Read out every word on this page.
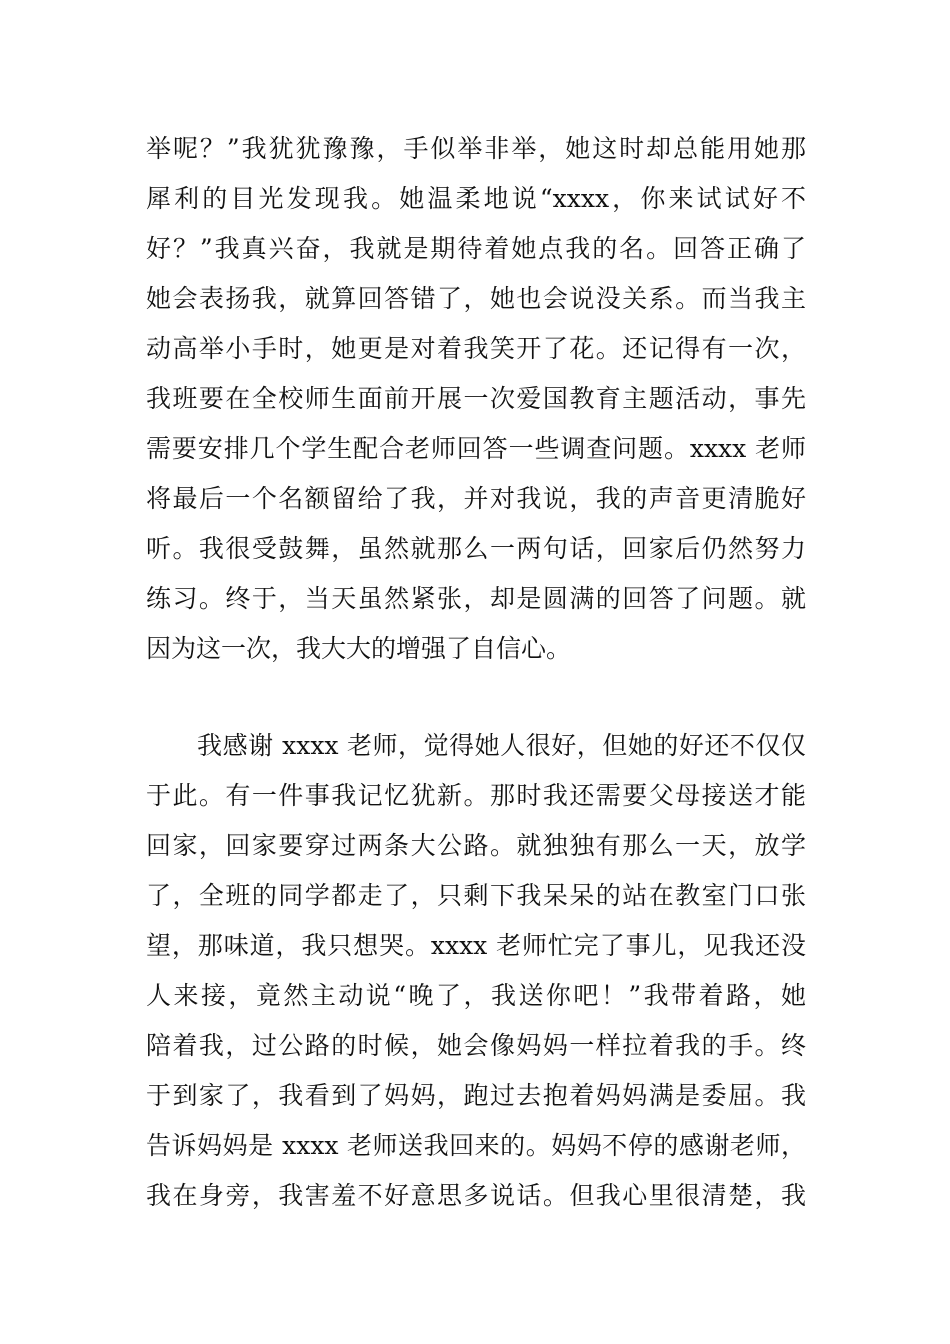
举呢？”我犹犹豫豫，手似举非举，她这时却总能用她那
犀利的目光发现我。她温柔地说“xxxx，你来试试好不
好？”我真兴奋，我就是期待着她点我的名。回答正确了
她会表扬我，就算回答错了，她也会说没关系。而当我主
动高举小手时，她更是对着我笑开了花。还记得有一次，
我班要在全校师生面前开展一次爱国教育主题活动，事先
需要安排几个学生配合老师回答一些调查问题。xxxx 老师
将最后一个名额留给了我，并对我说，我的声音更清脆好
听。我很受鼓舞，虽然就那么一两句话，回家后仍然努力
练习。终于，当天虽然紧张，却是圆满的回答了问题。就
因为这一次，我大大的增强了自信心。
　　我感谢 xxxx 老师，觉得她人很好，但她的好还不仅仅
于此。有一件事我记忆犹新。那时我还需要父母接送才能
回家，回家要穿过两条大公路。就独独有那么一天，放学
了，全班的同学都走了，只剩下我呆呆的站在教室门口张
望，那味道，我只想哭。xxxx 老师忙完了事儿，见我还没
人来接，竟然主动说“晚了，我送你吧！”我带着路，她
陪着我，过公路的时候，她会像妈妈一样拉着我的手。终
于到家了，我看到了妈妈，跑过去抱着妈妈满是委屈。我
告诉妈妈是 xxxx 老师送我回来的。妈妈不停的感谢老师，
我在身旁，我害羞不好意思多说话。但我心里很清楚，我
